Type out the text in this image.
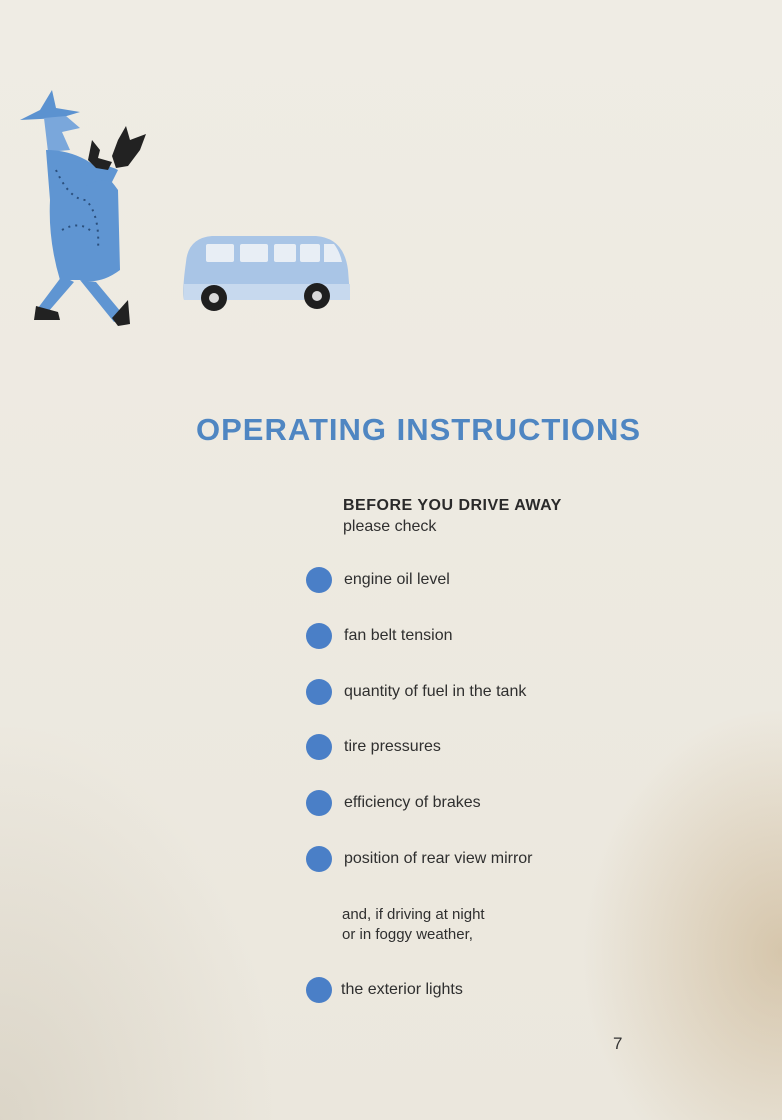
OPERATING INSTRUCTIONS
BEFORE YOU DRIVE AWAY
please check
engine oil level
fan belt tension
quantity of fuel in the tank
tire pressures
efficiency of brakes
position of rear view mirror
and, if driving at night
or in foggy weather,
the exterior lights
7
